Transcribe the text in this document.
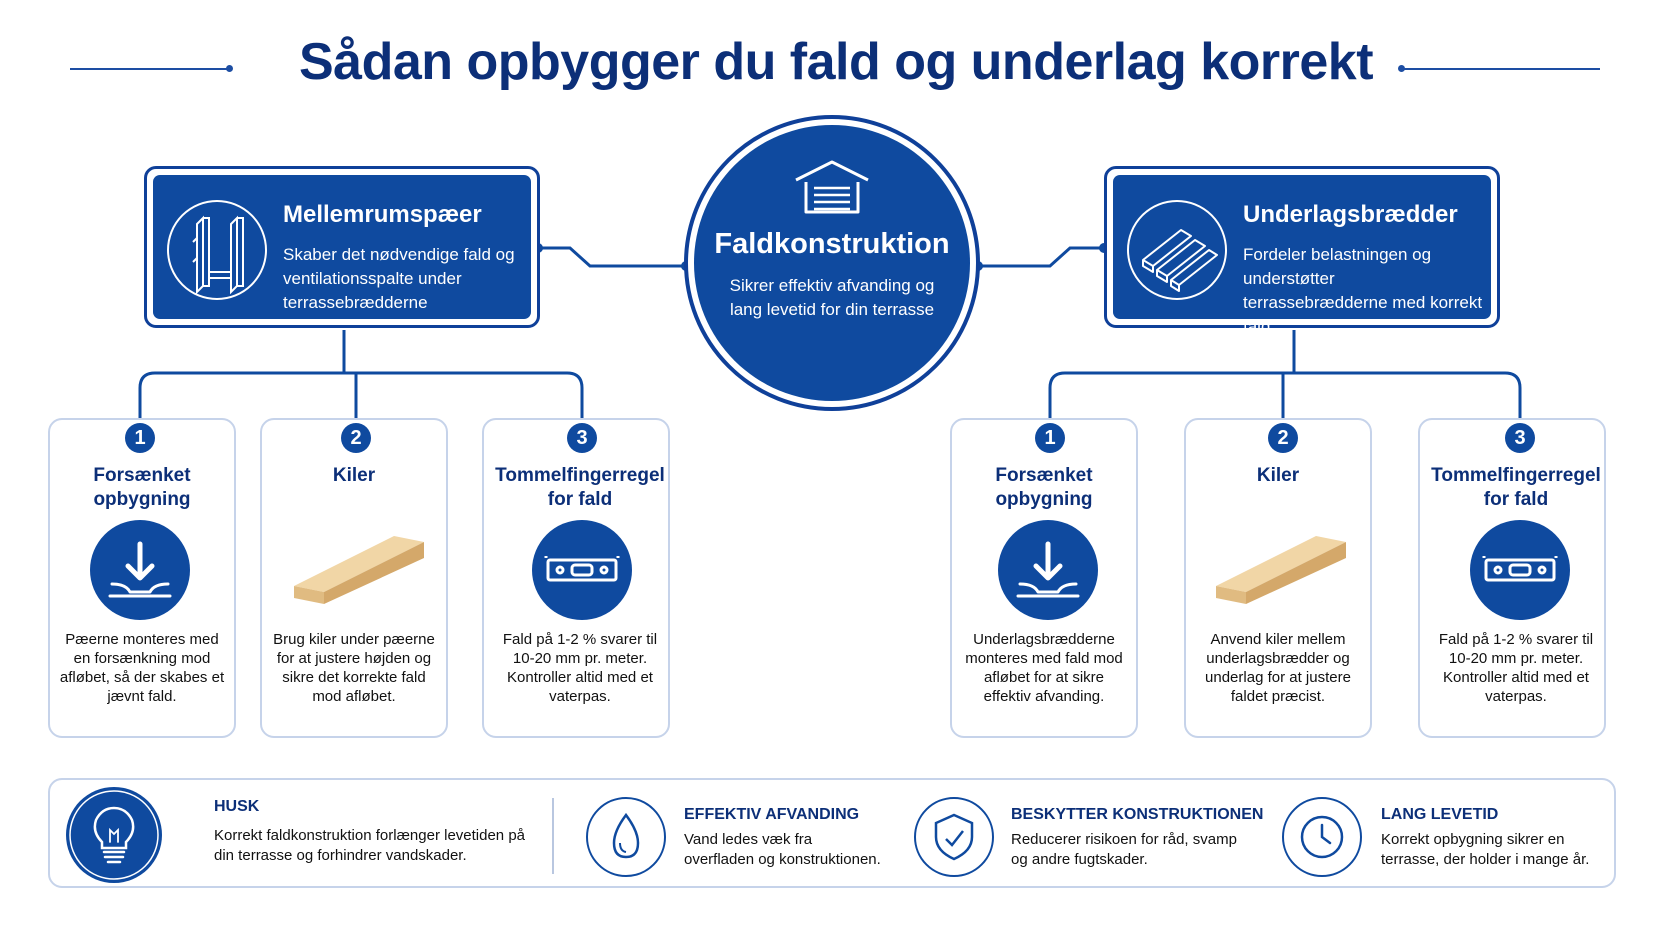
Sådan opbygger du fald og underlag korrekt
Mellemrumspæer
Skaber det nødvendige fald og ventilationsspalte under terrassebrædderne
Underlagsbrædder
Fordeler belastningen og understøtter terrassebrædderne med korrekt fald
Faldkonstruktion
Sikrer effektiv afvanding og lang levetid for din terrasse
1
Forsænket opbygning
Pæerne monteres med en forsænkning mod afløbet, så der skabes et jævnt fald.
2
Kiler
Brug kiler under pæerne for at justere højden og sikre det korrekte fald mod afløbet.
3
Tommelfingerregel for fald
Fald på 1-2 % svarer til 10-20 mm pr. meter. Kontroller altid med et vaterpas.
1
Forsænket opbygning
Underlagsbrædderne monteres med fald mod afløbet for at sikre effektiv afvanding.
2
Kiler
Anvend kiler mellem underlagsbrædder og underlag for at justere faldet præcist.
3
Tommelfingerregel for fald
Fald på 1-2 % svarer til 10-20 mm pr. meter. Kontroller altid med et vaterpas.
HUSK
Korrekt faldkonstruktion forlænger levetiden på din terrasse og forhindrer vandskader.
EFFEKTIV AFVANDING
Vand ledes væk fra overfladen og konstruktionen.
BESKYTTER KONSTRUKTIONEN
Reducerer risikoen for råd, svamp og andre fugtskader.
LANG LEVETID
Korrekt opbygning sikrer en terrasse, der holder i mange år.
